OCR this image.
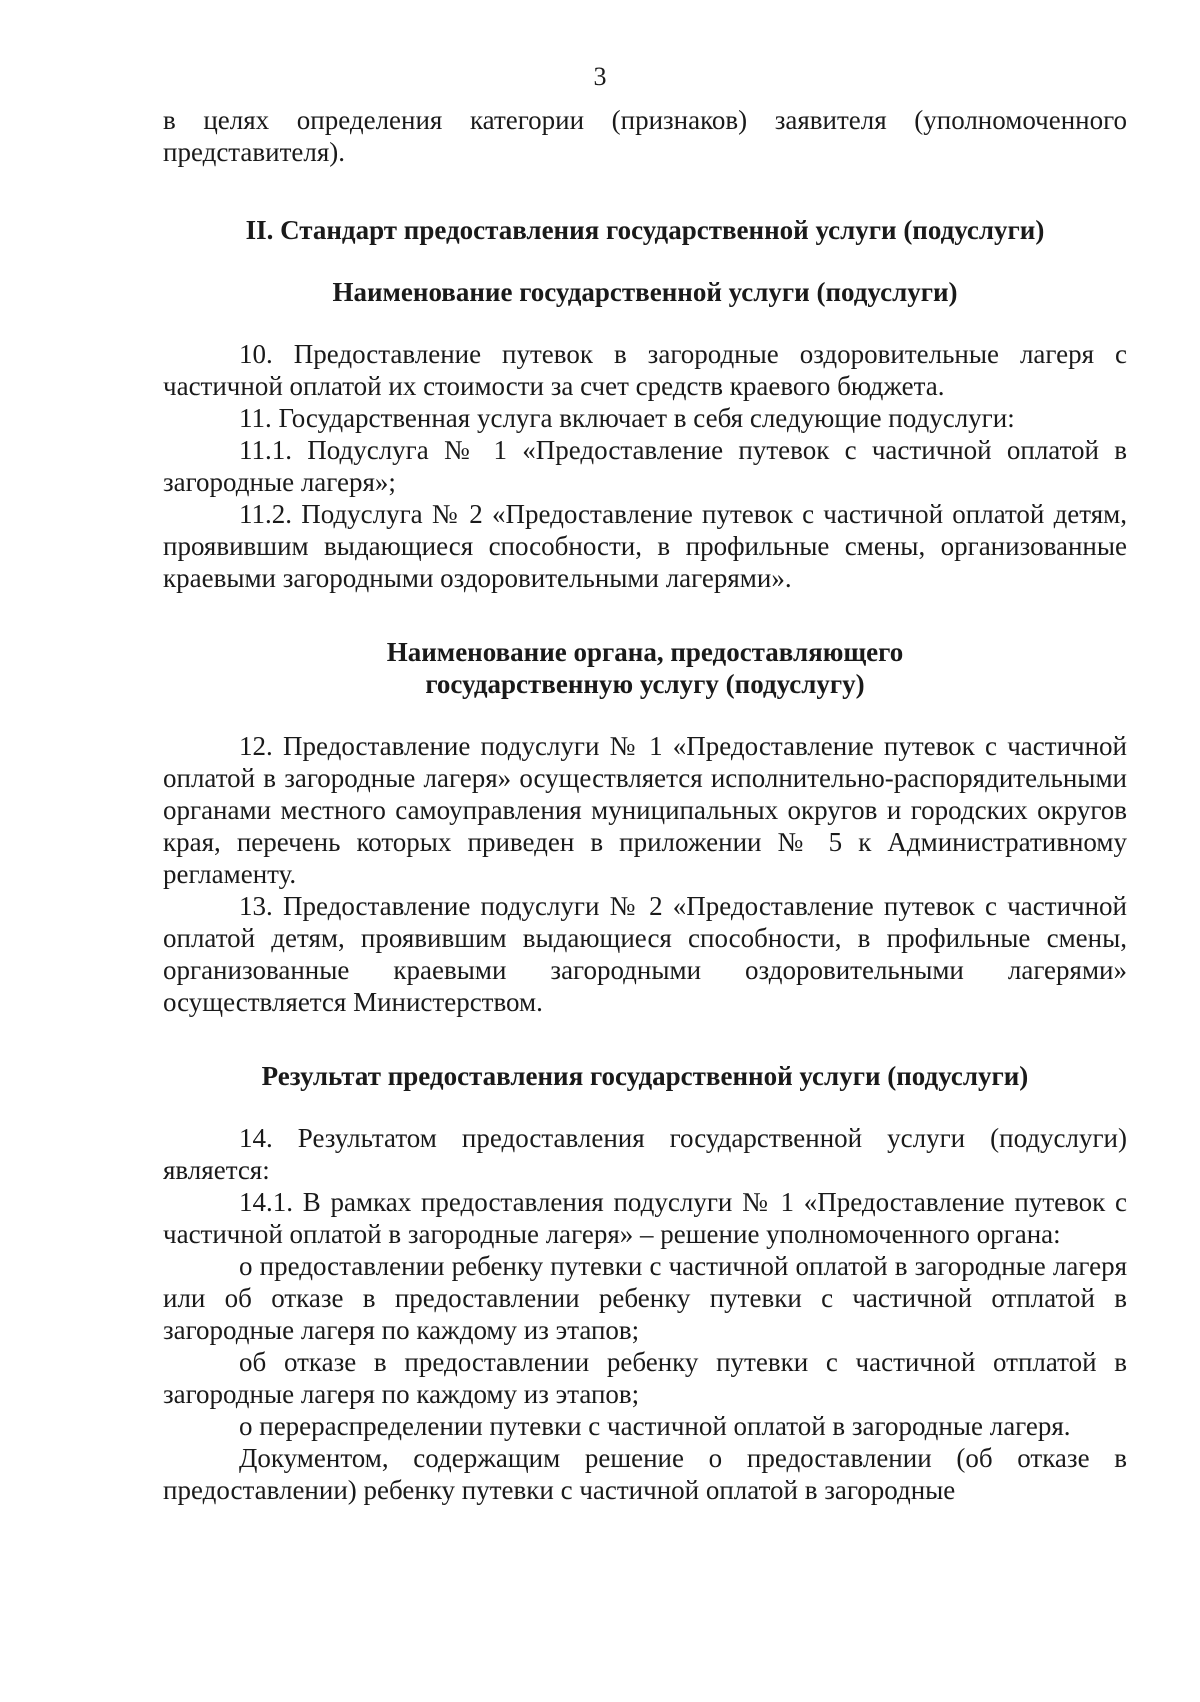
3

в целях определения категории (признаков) заявителя (уполномоченного представителя).

II. Стандарт предоставления государственной услуги (подуслуги)
Наименование государственной услуги (подуслуги)

10. Предоставление путевок в загородные оздоровительные лагеря с частичной оплатой их стоимости за счет средств краевого бюджета.

11. Государственная услуга включает в себя следующие подуслуги:

11.1. Подуслуга № 1 «Предоставление путевок с частичной оплатой в загородные лагеря»;

11.2. Подуслуга № 2 «Предоставление путевок с частичной оплатой детям, проявившим выдающиеся способности, в профильные смены, организованные краевыми загородными оздоровительными лагерями».

Наименование органа, предоставляющего
государственную услугу (подуслугу)

12. Предоставление подуслуги № 1 «Предоставление путевок с частичной оплатой в загородные лагеря» осуществляется исполнительно-распорядительными органами местного самоуправления муниципальных округов и городских округов края, перечень которых приведен в приложении № 5 к Административному регламенту.

13. Предоставление подуслуги № 2 «Предоставление путевок с частичной оплатой детям, проявившим выдающиеся способности, в профильные смены, организованные краевыми загородными оздоровительными лагерями» осуществляется Министерством.

Результат предоставления государственной услуги (подуслуги)

14. Результатом предоставления государственной услуги (подуслуги) является:

14.1. В рамках предоставления подуслуги № 1 «Предоставление путевок с частичной оплатой в загородные лагеря» – решение уполномоченного органа:

о предоставлении ребенку путевки с частичной оплатой в загородные лагеря или об отказе в предоставлении ребенку путевки с частичной отплатой в загородные лагеря по каждому из этапов;

об отказе в предоставлении ребенку путевки с частичной отплатой в загородные лагеря по каждому из этапов;

о перераспределении путевки с частичной оплатой в загородные лагеря.

Документом, содержащим решение о предоставлении (об отказе в предоставлении) ребенку путевки с частичной оплатой в загородные
